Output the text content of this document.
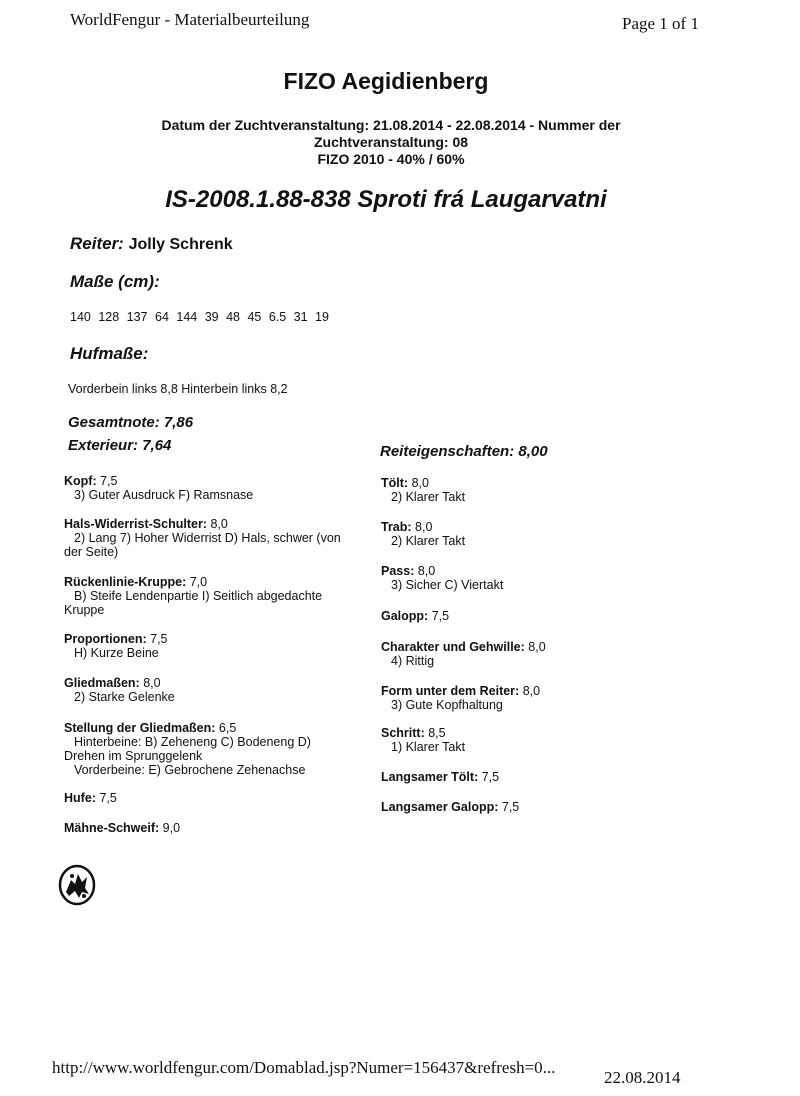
WorldFengur - Materialbeurteilung	Page 1 of 1
FIZO Aegidienberg
Datum der Zuchtveranstaltung: 21.08.2014 - 22.08.2014 - Nummer der
Zuchtveranstaltung: 08
FIZO 2010 - 40% / 60%
IS-2008.1.88-838 Sproti frá Laugarvatni
Reiter: Jolly Schrenk
Maße (cm):
140 128 137 64 144 39 48 45 6.5 31 19
Hufmaße:
Vorderbein links 8,8 Hinterbein links 8,2
Gesamtnote: 7,86
Exterieur: 7,64	Reiteigenschaften: 8,00
Kopf: 7,5
3) Guter Ausdruck F) Ramsnase
Hals-Widerrist-Schulter: 8,0
2) Lang 7) Hoher Widerrist D) Hals, schwer (von
der Seite)
Rückenlinie-Kruppe: 7,0
B) Steife Lendenpartie I) Seitlich abgedachte
Kruppe
Proportionen: 7,5
H) Kurze Beine
Gliedmaßen: 8,0
2) Starke Gelenke
Stellung der Gliedmaßen: 6,5
Hinterbeine: B) Zeheneng C) Bodeneng D)
Drehen im Sprunggelenk
Vorderbeine: E) Gebrochene Zehenachse
Hufe: 7,5
Mähne-Schweif: 9,0
Tölt: 8,0
2) Klarer Takt
Trab: 8,0
2) Klarer Takt
Pass: 8,0
3) Sicher C) Viertakt
Galopp: 7,5
Charakter und Gehwille: 8,0
4) Rittig
Form unter dem Reiter: 8,0
3) Gute Kopfhaltung
Schritt: 8,5
1) Klarer Takt
Langsamer Tölt: 7,5
Langsamer Galopp: 7,5
http://www.worldfengur.com/Domablad.jsp?Numer=156437&refresh=0...
22.08.2014
